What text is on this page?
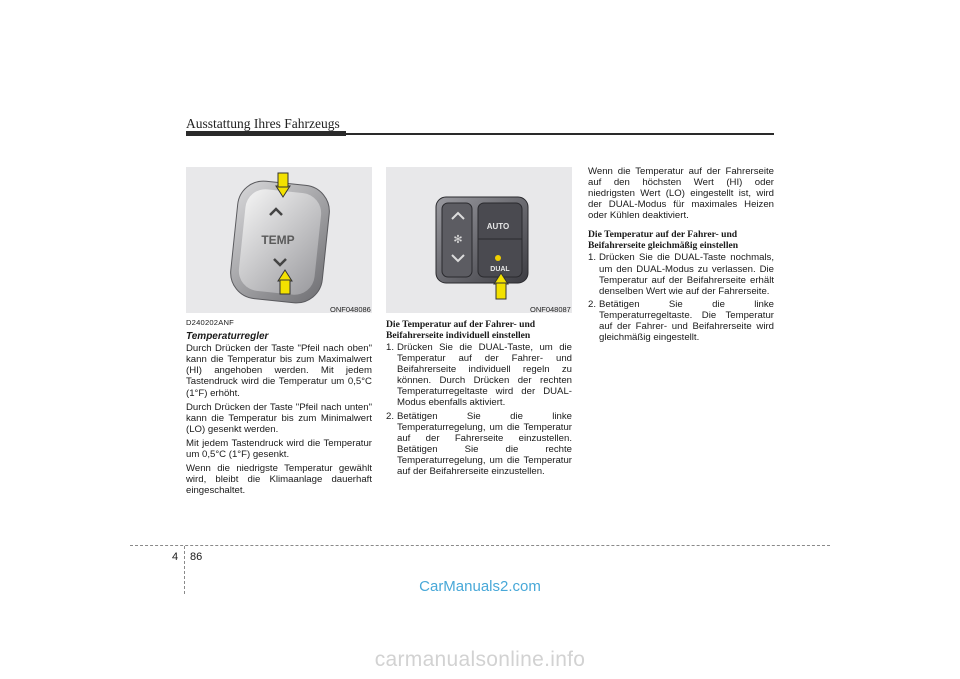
Ausstattung Ihres Fahrzeugs
TEMP
ONF048086
✻
AUTO
DUAL
ONF048087
D240202ANF
Temperaturregler

Durch Drücken der Taste "Pfeil nach oben" kann die Temperatur bis zum Maximalwert (HI) angehoben werden. Mit jedem Tastendruck wird die Temperatur um 0,5°C (1°F) erhöht.

Durch Drücken der Taste "Pfeil nach unten" kann die Temperatur bis zum Minimalwert (LO) gesenkt werden.

Mit jedem Tastendruck wird die Temperatur um 0,5°C (1°F) gesenkt.

Wenn die niedrigste Temperatur gewählt wird, bleibt die Klimaanlage dauerhaft eingeschaltet.

Die Temperatur auf der Fahrer- und Beifahrerseite individuell einstellen
1. Drücken Sie die DUAL-Taste, um die Temperatur auf der Fahrer- und Beifahrerseite individuell regeln zu können. Durch Drücken der rechten Temperaturregeltaste wird der DUAL-Modus ebenfalls aktiviert.
2. Betätigen Sie die linke Temperaturregelung, um die Temperatur auf der Fahrerseite einzustellen. Betätigen Sie die rechte Temperaturregelung, um die Temperatur auf der Beifahrerseite einzustellen.

Wenn die Temperatur auf der Fahrerseite auf den höchsten Wert (HI) oder niedrigsten Wert (LO) eingestellt ist, wird der DUAL-Modus für maximales Heizen oder Kühlen deaktiviert.

Die Temperatur auf der Fahrer- und Beifahrerseite gleichmäßig einstellen
1. Drücken Sie die DUAL-Taste nochmals, um den DUAL-Modus zu verlassen. Die Temperatur auf der Beifahrerseite erhält denselben Wert wie auf der Fahrerseite.
2. Betätigen Sie die linke Temperaturregeltaste. Die Temperatur auf der Fahrer- und Beifahrerseite wird gleichmäßig eingestellt.
4 86
CarManuals2.com
carmanualsonline.info
